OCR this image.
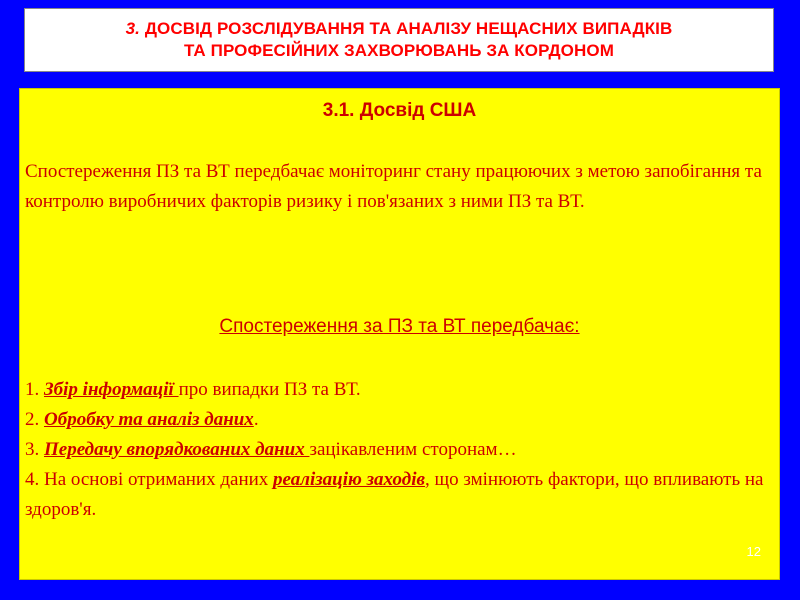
3. ДОСВІД РОЗСЛІДУВАННЯ ТА АНАЛІЗУ НЕЩАСНИХ ВИПАДКІВ
ТА ПРОФЕСІЙНИХ ЗАХВОРЮВАНЬ ЗА КОРДОНОМ
3.1. Досвід США
Спостереження ПЗ та ВТ передбачає моніторинг стану працюючих з метою запобігання та контролю виробничих факторів ризику і пов'язаних з ними ПЗ та ВТ.
Спостереження за ПЗ та ВТ передбачає:
1. Збір інформації про випадки ПЗ та ВТ.
2. Обробку та аналіз даних.
3. Передачу впорядкованих даних зацікавленим сторонам…
4. На основі отриманих даних реалізацію заходів, що змінюють фактори, що впливають на здоров'я.
12
